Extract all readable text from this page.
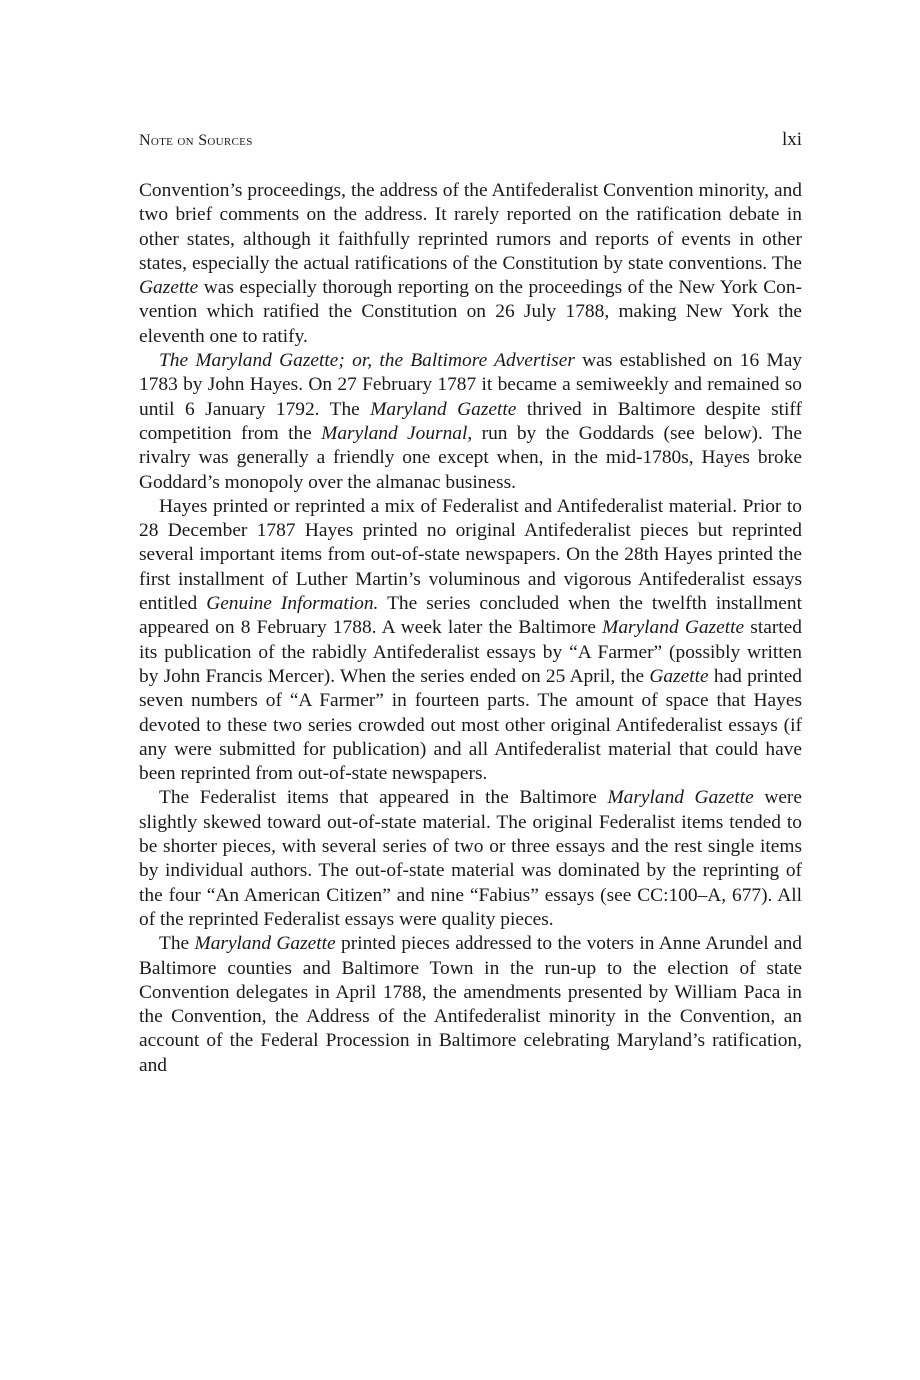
Note on Sources	lxi

Convention’s proceedings, the address of the Antifederalist Convention minority, and two brief comments on the address. It rarely reported on the ratification debate in other states, although it faithfully reprinted rumors and reports of events in other states, especially the actual ratifications of the Constitution by state conventions. The Gazette was especially thorough reporting on the proceedings of the New York Convention which ratified the Constitution on 26 July 1788, making New York the eleventh one to ratify.

The Maryland Gazette; or, the Baltimore Advertiser was established on 16 May 1783 by John Hayes. On 27 February 1787 it became a semiweekly and remained so until 6 January 1792. The Maryland Gazette thrived in Baltimore despite stiff competition from the Maryland Journal, run by the Goddards (see below). The rivalry was generally a friendly one except when, in the mid-1780s, Hayes broke Goddard’s monopoly over the almanac business.

Hayes printed or reprinted a mix of Federalist and Antifederalist material. Prior to 28 December 1787 Hayes printed no original Antifederalist pieces but reprinted several important items from out-of-state newspapers. On the 28th Hayes printed the first installment of Luther Martin’s voluminous and vigorous Antifederalist essays entitled Genuine Information. The series concluded when the twelfth installment appeared on 8 February 1788. A week later the Baltimore Maryland Gazette started its publication of the rabidly Antifederalist essays by “A Farmer” (possibly written by John Francis Mercer). When the series ended on 25 April, the Gazette had printed seven numbers of “A Farmer” in fourteen parts. The amount of space that Hayes devoted to these two series crowded out most other original Antifederalist essays (if any were submitted for publication) and all Antifederalist material that could have been reprinted from out-of-state newspapers.

The Federalist items that appeared in the Baltimore Maryland Gazette were slightly skewed toward out-of-state material. The original Federalist items tended to be shorter pieces, with several series of two or three essays and the rest single items by individual authors. The out-of-state material was dominated by the reprinting of the four “An American Citizen” and nine “Fabius” essays (see CC:100–A, 677). All of the reprinted Federalist essays were quality pieces.

The Maryland Gazette printed pieces addressed to the voters in Anne Arundel and Baltimore counties and Baltimore Town in the run-up to the election of state Convention delegates in April 1788, the amendments presented by William Paca in the Convention, the Address of the Antifederalist minority in the Convention, an account of the Federal Procession in Baltimore celebrating Maryland’s ratification, and
